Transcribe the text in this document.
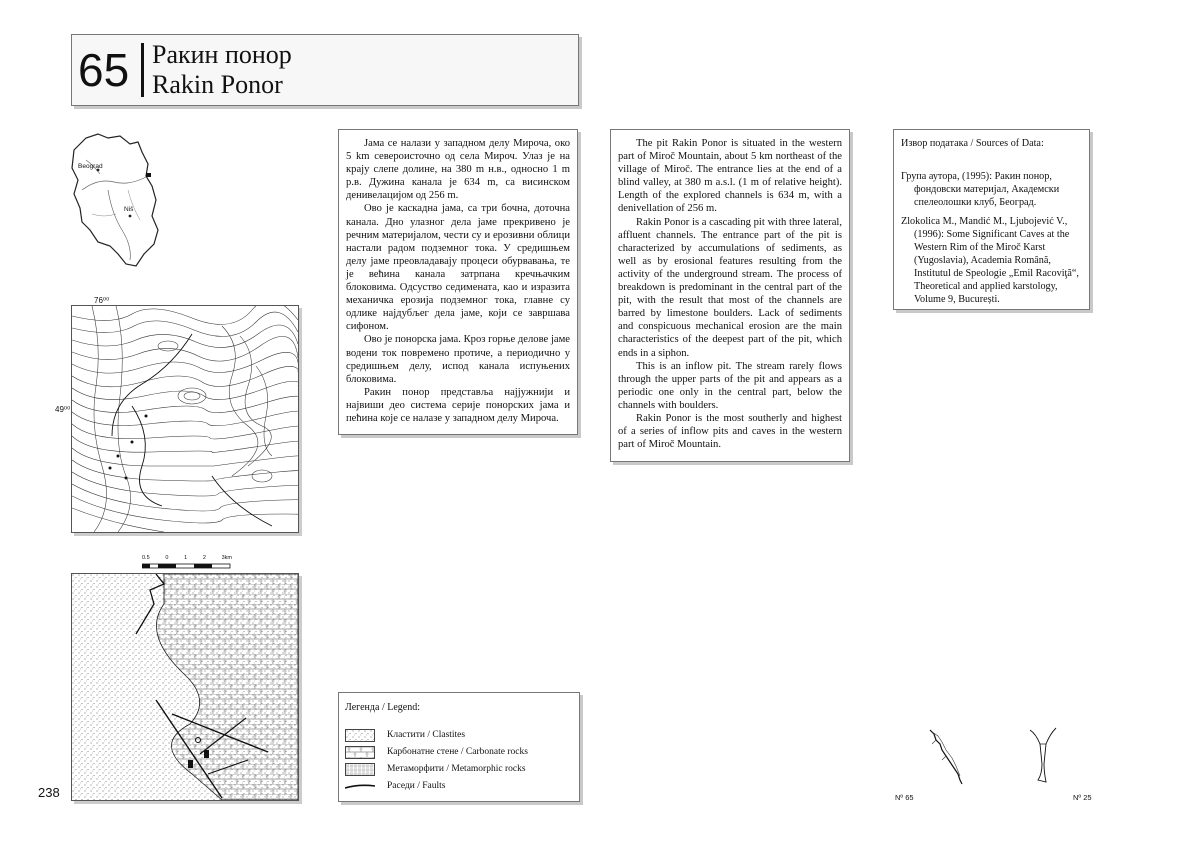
65 Ракин понор
Rakin Ponor
Beograd
Niš
76⁰⁰
49⁰⁰
0.5	0	1	2	3km

Јама се налази у западном делу Мироча, око 5 km североисточно од села Мироч. Улаз је на крају слепе долине, на 380 m н.в., односно 1 m р.в. Дужина канала је 634 m, са висинском денивелацијом од 256 m.

Ово је каскадна јама, са три бочна, доточна канала. Дно улазног дела јаме прекривено је речним материјалом, чести су и ерозивни облици настали радом подземног тока. У средишњем делу јаме преовладавају процеси обурвавања, те је већина канала затрпана кречњачким блоковима. Одсуство седимената, као и изразита механичка ерозија подземног тока, главне су одлике најдубљег дела јаме, који се завршава сифоном.

Ово је понорска јама. Кроз горње делове јаме водени ток повремено протиче, а периодично у средишњем делу, испод канала испуњених блоковима.

Ракин понор представља најјужнији и највиши део система серије понорских јама и пећина које се налазе у западном делу Мироча.

The pit Rakin Ponor is situated in the western part of Miroč Mountain, about 5 km northeast of the village of Miroč. The entrance lies at the end of a blind valley, at 380 m a.s.l. (1 m of relative height). Length of the explored channels is 634 m, with a denivellation of 256 m.

Rakin Ponor is a cascading pit with three lateral, affluent channels. The entrance part of the pit is characterized by accumulations of sediments, as well as by erosional features resulting from the activity of the underground stream. The process of breakdown is predominant in the central part of the pit, with the result that most of the channels are barred by limestone boulders. Lack of sediments and conspicuous mechanical erosion are the main characteristics of the deepest part of the pit, which ends in a siphon.

This is an inflow pit. The stream rarely flows through the upper parts of the pit and appears as a periodic one only in the central part, below the channels with boulders.

Rakin Ponor is the most southerly and highest of a series of inflow pits and caves in the western part of Miroč Mountain.

Извор података / Sources of Data:
Група аутора, (1995): Ракин понор, фондовски материјал, Академски спелеолошки клуб, Београд.
Zlokolica M., Mandić M., Ljubojević V., (1996): Some Significant Caves at the Western Rim of the Miroč Karst (Yugoslavia), Academia Română, Institutul de Speologie „Emil Racoviţă“, Theoretical and applied karstology, Volume 9, București.
Легенда / Legend:
Кластити / Clastites
Карбонатне стене / Carbonate rocks
Метаморфити / Metamorphic rocks
Раседи / Faults
Nº 65	Nº 25
238
